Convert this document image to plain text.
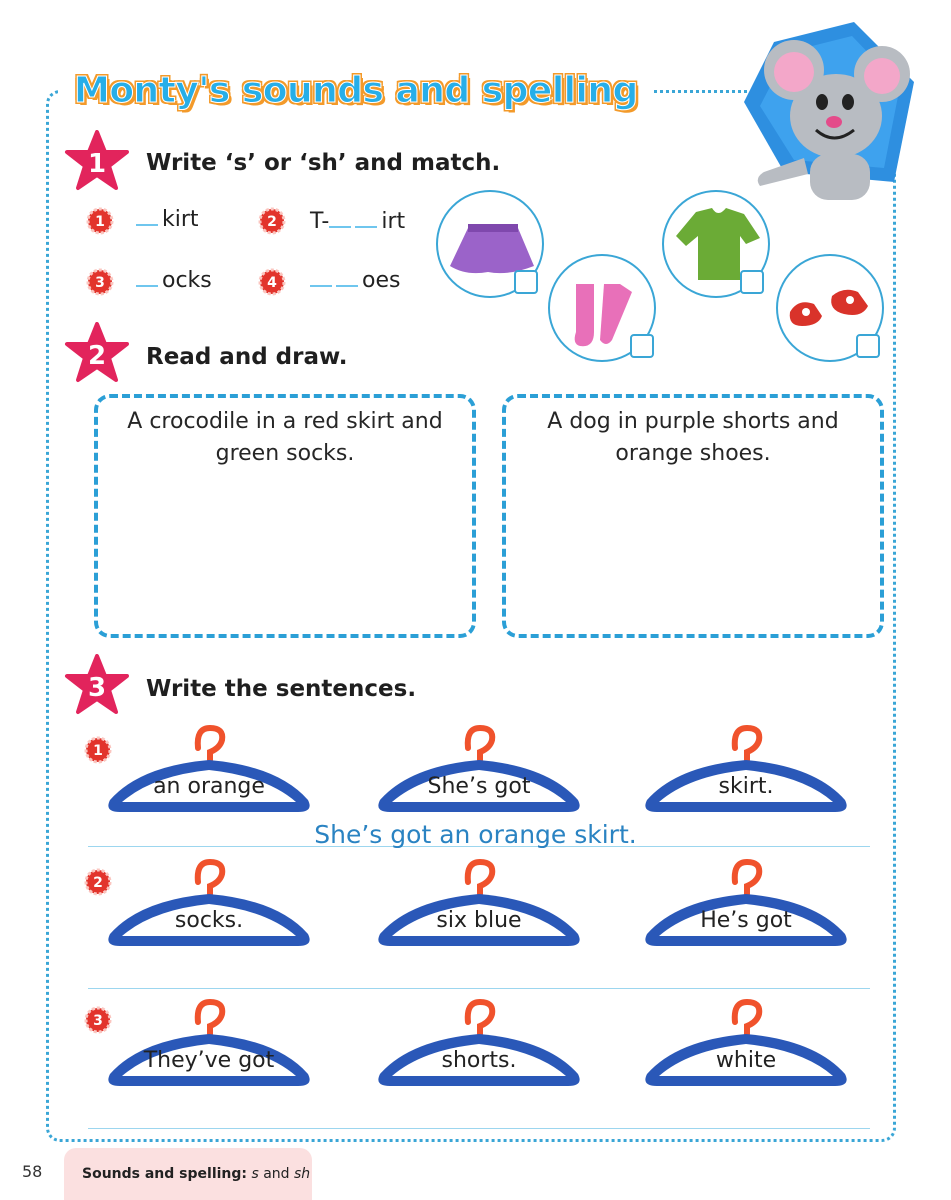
Monty's sounds and spelling
1 Write ‘s’ or ‘sh’ and match.
1	kirt	2 T- irt
3	ocks	4	oes
2 Read and draw.
A crocodile in a red skirt and green socks.
A dog in purple shorts and orange shoes.
3 Write the sentences.
1
2
3
an orange	She’s got	skirt.
socks.	six blue	He’s got
They’ve got	shorts.	white
She’s got an orange skirt.
58	Sounds and spelling: s and sh
